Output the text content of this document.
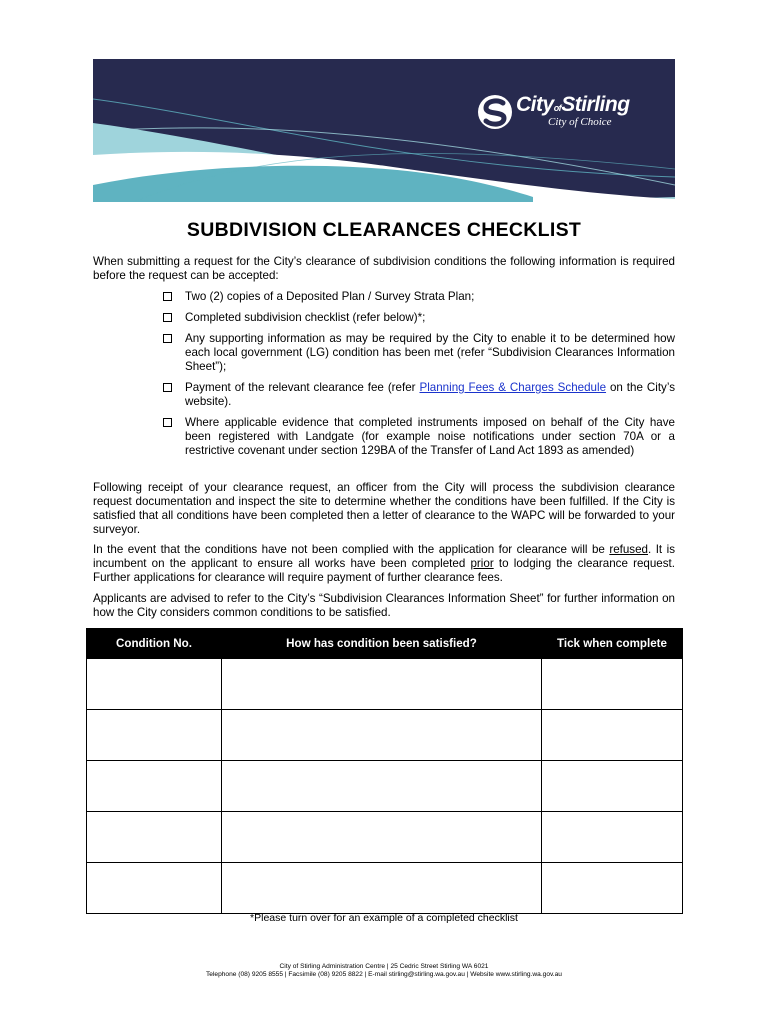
CityofStirling
City of Choice
SUBDIVISION CLEARANCES CHECKLIST
When submitting a request for the City’s clearance of subdivision conditions the following information is required before the request can be accepted:
Two (2) copies of a Deposited Plan / Survey Strata Plan;
Completed subdivision checklist (refer below)*;
Any supporting information as may be required by the City to enable it to be determined how each local government (LG) condition has been met (refer “Subdivision Clearances Information Sheet”);
Payment of the relevant clearance fee (refer Planning Fees & Charges Schedule on the City’s website).
Where applicable evidence that completed instruments imposed on behalf of the City have been registered with Landgate (for example noise notifications under section 70A or a restrictive covenant under section 129BA of the Transfer of Land Act 1893 as amended)
Following receipt of your clearance request, an officer from the City will process the subdivision clearance request documentation and inspect the site to determine whether the conditions have been fulfilled. If the City is satisfied that all conditions have been completed then a letter of clearance to the WAPC will be forwarded to your surveyor.
In the event that the conditions have not been complied with the application for clearance will be refused. It is incumbent on the applicant to ensure all works have been completed prior to lodging the clearance request. Further applications for clearance will require payment of further clearance fees.
Applicants are advised to refer to the City’s “Subdivision Clearances Information Sheet” for further information on how the City considers common conditions to be satisfied.
Condition No.	How has condition been satisfied?	Tick when complete

*Please turn over for an example of a completed checklist
City of Stirling Administration Centre | 25 Cedric Street Stirling WA 6021
Telephone (08) 9205 8555 | Facsimile (08) 9205 8822 | E-mail stirling@stirling.wa.gov.au | Website www.stirling.wa.gov.au
